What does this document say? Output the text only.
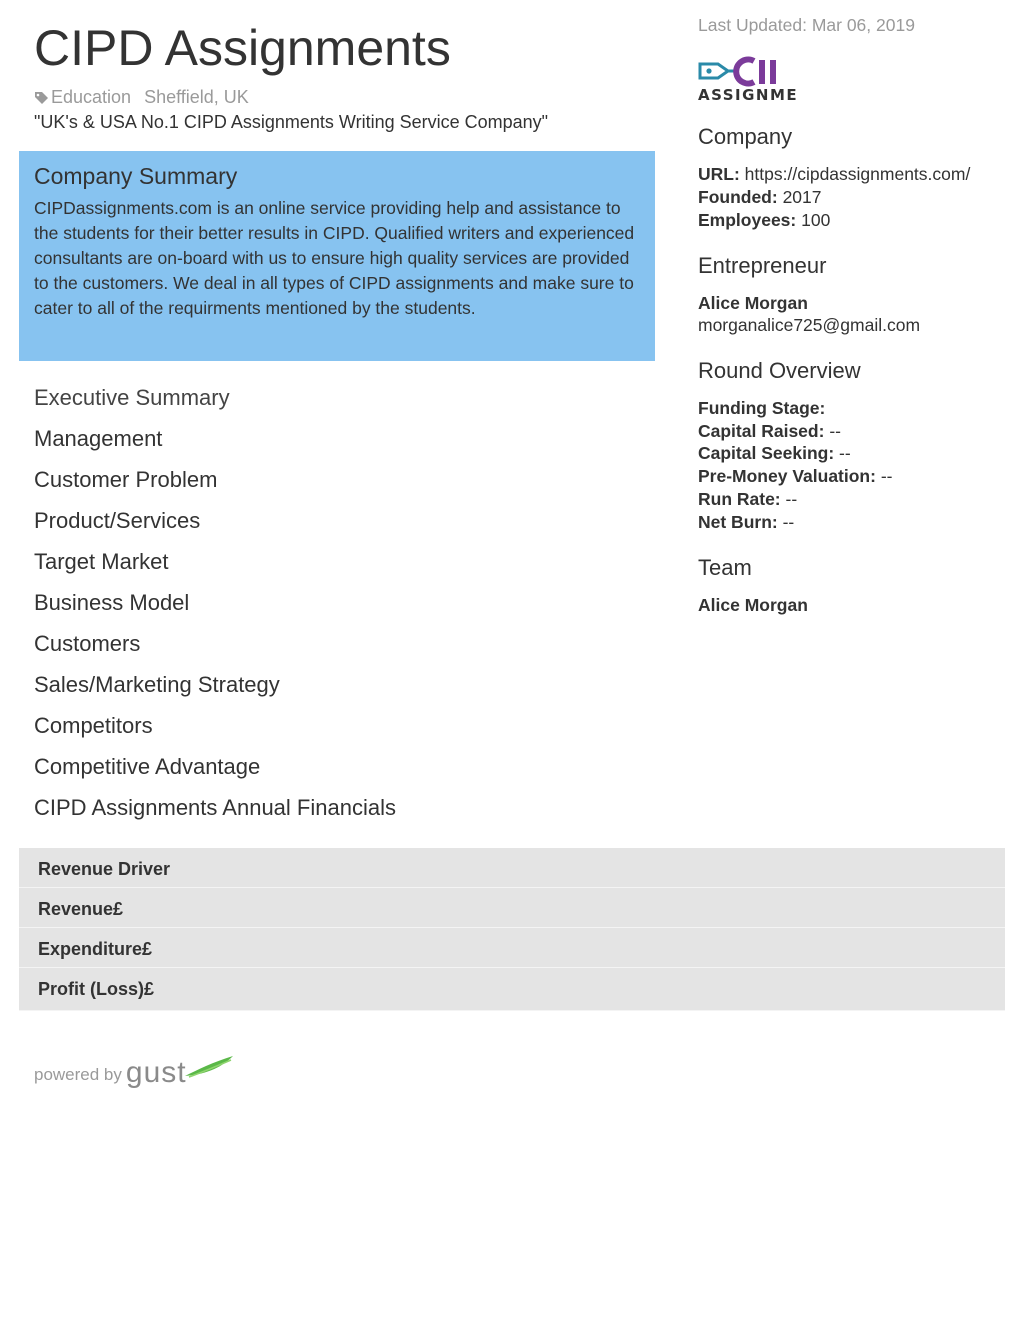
CIPD Assignments
Education Sheffield, UK
"UK's & USA No.1 CIPD Assignments Writing Service Company"
Company Summary

CIPDassignments.com is an online service providing help and assistance to the students for their better results in CIPD. Qualified writers and experienced consultants are on-board with us to ensure high quality services are provided to the customers. We deal in all types of CIPD assignments and make sure to cater to all of the requirments mentioned by the students.

Executive Summary
Management
Customer Problem
Product/Services
Target Market
Business Model
Customers
Sales/Marketing Strategy
Competitors
Competitive Advantage
CIPD Assignments Annual Financials
Revenue Driver
Revenue£
Expenditure£
Profit (Loss)£
powered by gust
Last Updated: Mar 06, 2019
ASSIGNME
Company
URL: https://cipdassignments.com/
Founded: 2017
Employees: 100
Entrepreneur
Alice Morgan
morganalice725@gmail.com
Round Overview
Funding Stage:
Capital Raised: --
Capital Seeking: --
Pre-Money Valuation: --
Run Rate: --
Net Burn: --
Team
Alice Morgan
